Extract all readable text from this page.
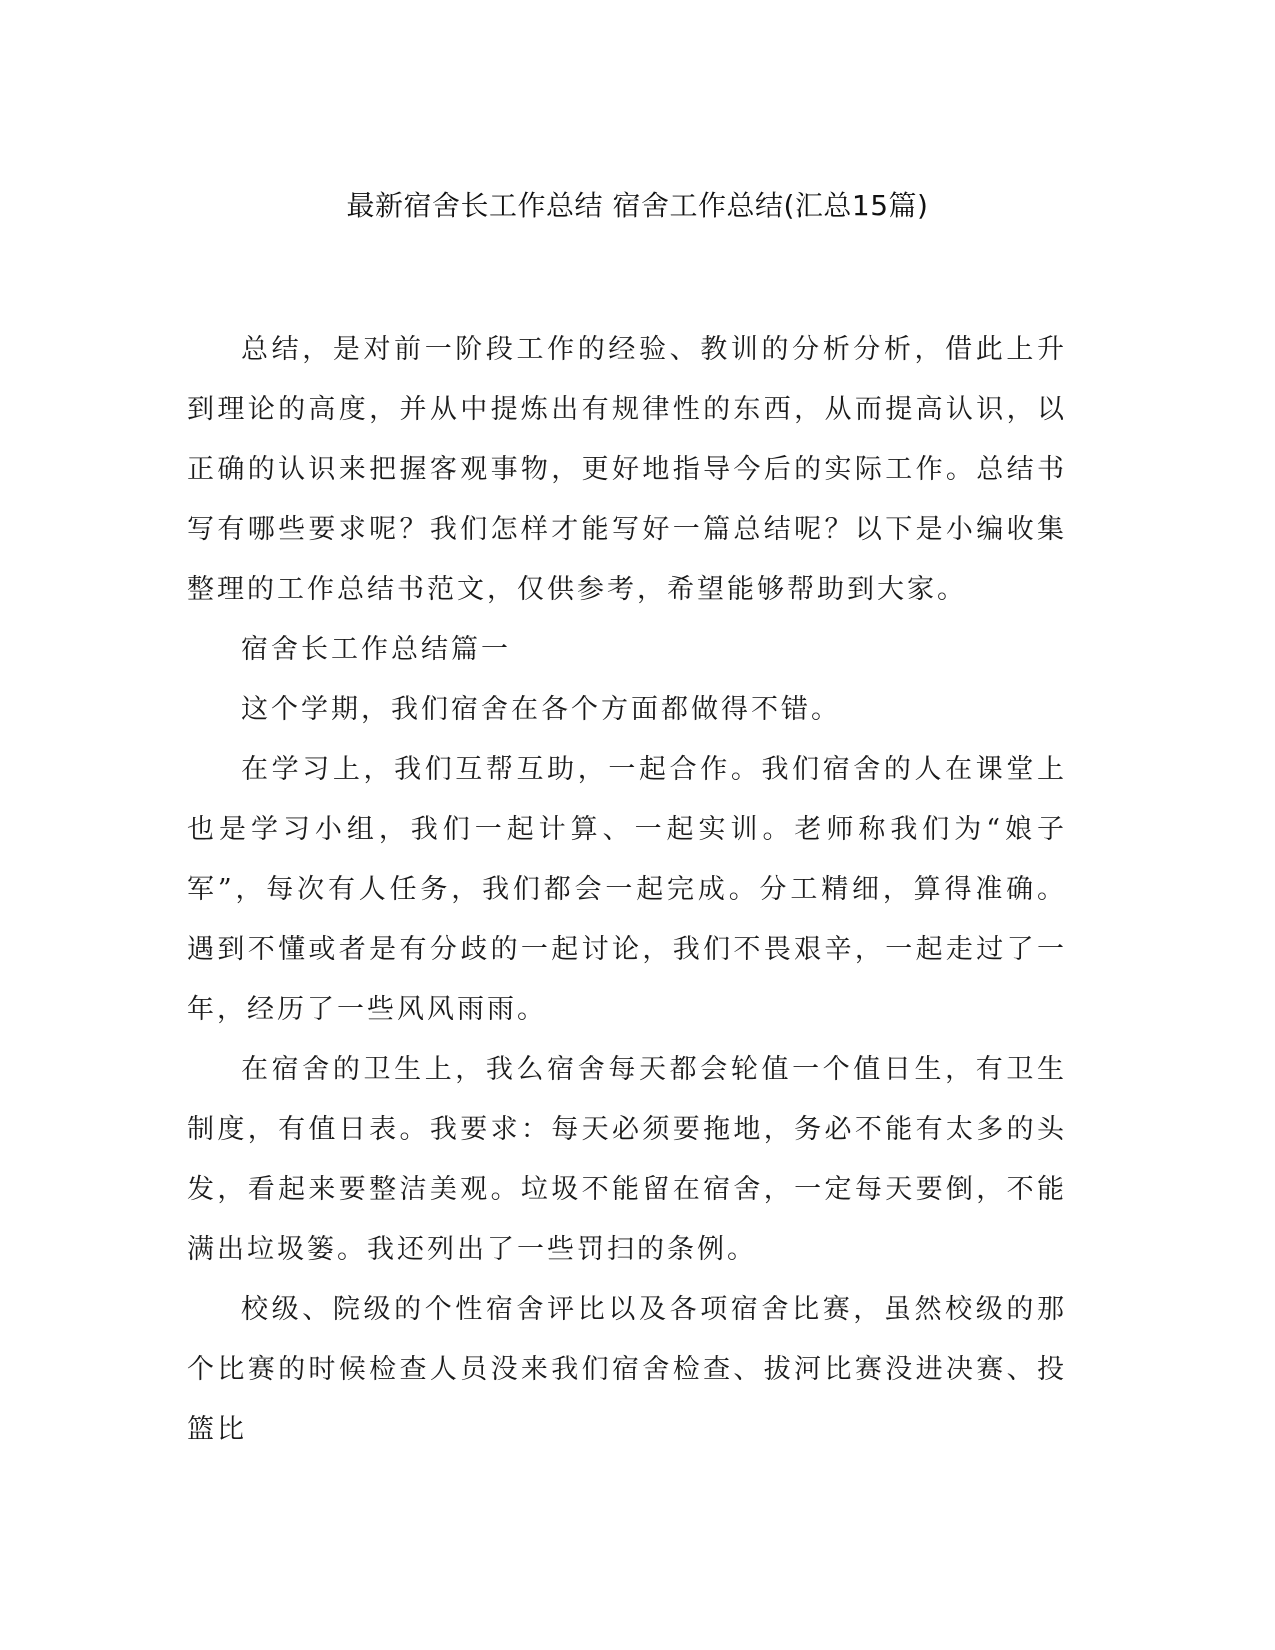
最新宿舍长工作总结 宿舍工作总结(汇总15篇)

总结，是对前一阶段工作的经验、教训的分析分析，借此上升到理论的高度，并从中提炼出有规律性的东西，从而提高认识，以正确的认识来把握客观事物，更好地指导今后的实际工作。总结书写有哪些要求呢？我们怎样才能写好一篇总结呢？以下是小编收集整理的工作总结书范文，仅供参考，希望能够帮助到大家。

宿舍长工作总结篇一

这个学期，我们宿舍在各个方面都做得不错。

在学习上，我们互帮互助，一起合作。我们宿舍的人在课堂上也是学习小组，我们一起计算、一起实训。老师称我们为“娘子军”，每次有人任务，我们都会一起完成。分工精细，算得准确。遇到不懂或者是有分歧的一起讨论，我们不畏艰辛，一起走过了一年，经历了一些风风雨雨。

在宿舍的卫生上，我么宿舍每天都会轮值一个值日生，有卫生制度，有值日表。我要求：每天必须要拖地，务必不能有太多的头发，看起来要整洁美观。垃圾不能留在宿舍，一定每天要倒，不能满出垃圾篓。我还列出了一些罚扫的条例。

校级、院级的个性宿舍评比以及各项宿舍比赛，虽然校级的那个比赛的时候检查人员没来我们宿舍检查、拔河比赛没进决赛、投篮比
